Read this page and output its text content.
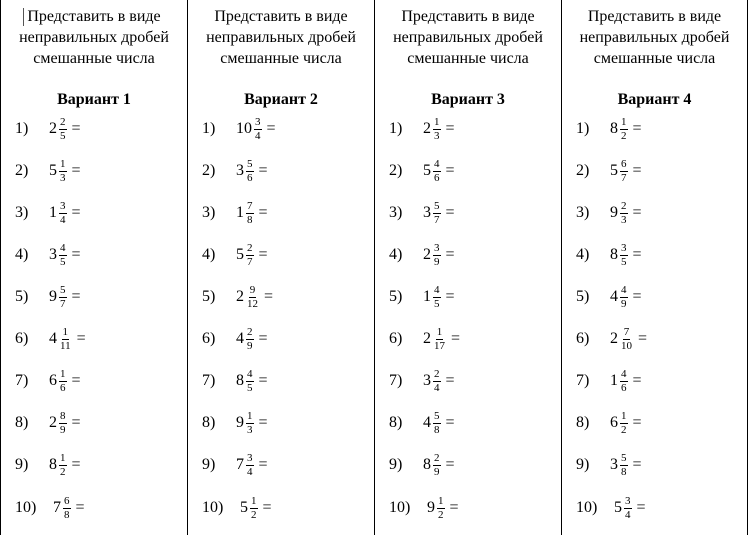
Представить в виде неправильных дробей смешанные числа
Вариант 1
1)	$2 \frac{2}{5}$ =
2)	$5 \frac{1}{3}$ =
3)	$1 \frac{3}{4}$ =
4)	$3 \frac{4}{5}$ =
5)	$9 \frac{5}{7}$ =
6)	$4 \frac{1}{11}$ =
7)	$6 \frac{1}{6}$ =
8)	$2 \frac{8}{9}$ =
9)	$8 \frac{1}{2}$ =
10)	$7 \frac{6}{8}$ =
Представить в виде неправильных дробей смешанные числа
Вариант 2
1)	$10 \frac{3}{4}$ =
2)	$3 \frac{5}{6}$ =
3)	$1 \frac{7}{8}$ =
4)	$5 \frac{2}{7}$ =
5)	$2 \frac{9}{12}$ =
6)	$4 \frac{2}{9}$ =
7)	$8 \frac{4}{5}$ =
8)	$9 \frac{1}{3}$ =
9)	$7 \frac{3}{4}$ =
10)	$5 \frac{1}{2}$ =
Представить в виде неправильных дробей смешанные числа
Вариант 3
1)	$2 \frac{1}{3}$ =
2)	$5 \frac{4}{6}$ =
3)	$3 \frac{5}{7}$ =
4)	$2 \frac{3}{9}$ =
5)	$1 \frac{4}{5}$ =
6)	$2 \frac{1}{17}$ =
7)	$3 \frac{2}{4}$ =
8)	$4 \frac{5}{8}$ =
9)	$8 \frac{2}{9}$ =
10)	$9 \frac{1}{2}$ =
Представить в виде неправильных дробей смешанные числа
Вариант 4
1)	$8 \frac{1}{2}$ =
2)	$5 \frac{6}{7}$ =
3)	$9 \frac{2}{3}$ =
4)	$8 \frac{3}{5}$ =
5)	$4 \frac{4}{9}$ =
6)	$2 \frac{7}{10}$ =
7)	$1 \frac{4}{6}$ =
8)	$6 \frac{1}{2}$ =
9)	$3 \frac{5}{8}$ =
10)	$5 \frac{3}{4}$ =
